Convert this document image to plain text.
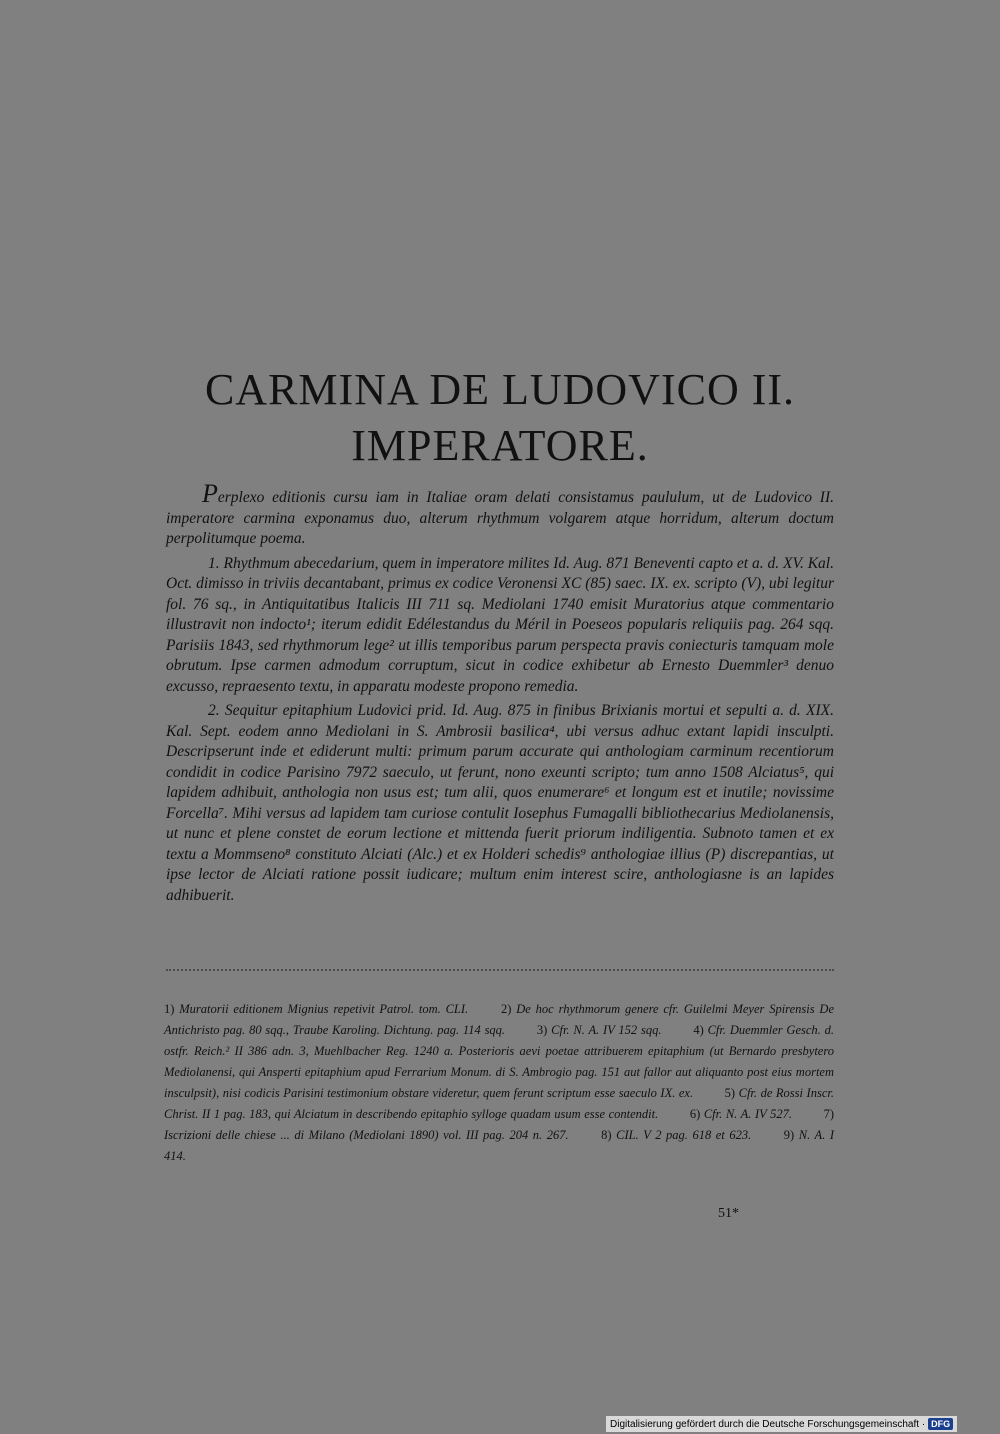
CARMINA DE LUDOVICO II.
IMPERATORE.

Perplexo editionis cursu iam in Italiae oram delati consistamus paululum, ut de Ludovico II. imperatore carmina exponamus duo, alterum rhythmum volgarem atque horridum, alterum doctum perpolitumque poema.

1. Rhythmum abecedarium, quem in imperatore milites Id. Aug. 871 Beneventi capto et a. d. XV. Kal. Oct. dimisso in triviis decantabant, primus ex codice Veronensi XC (85) saec. IX. ex. scripto (V), ubi legitur fol. 76 sq., in Antiquitatibus Italicis III 711 sq. Mediolani 1740 emisit Muratorius atque commentario illustravit non indocto¹; iterum edidit Edélestandus du Méril in Poeseos popularis reliquiis pag. 264 sqq. Parisiis 1843, sed rhythmorum lege² ut illis temporibus parum perspecta pravis coniecturis tamquam mole obrutum. Ipse carmen admodum corruptum, sicut in codice exhibetur ab Ernesto Duemmler³ denuo excusso, repraesento textu, in apparatu modeste propono remedia.

2. Sequitur epitaphium Ludovici prid. Id. Aug. 875 in finibus Brixianis mortui et sepulti a. d. XIX. Kal. Sept. eodem anno Mediolani in S. Ambrosii basilica⁴, ubi versus adhuc extant lapidi insculpti. Descripserunt inde et ediderunt multi: primum parum accurate qui anthologiam carminum recentiorum condidit in codice Parisino 7972 saeculo, ut ferunt, nono exeunti scripto; tum anno 1508 Alciatus⁵, qui lapidem adhibuit, anthologia non usus est; tum alii, quos enumerare⁶ et longum est et inutile; novissime Forcella⁷. Mihi versus ad lapidem tam curiose contulit Iosephus Fumagalli bibliothecarius Mediolanensis, ut nunc et plene constet de eorum lectione et mittenda fuerit priorum indiligentia. Subnoto tamen et ex textu a Mommseno⁸ constituto Alciati (Alc.) et ex Holderi schedis⁹ anthologiae illius (P) discrepantias, ut ipse lector de Alciati ratione possit iudicare; multum enim interest scire, anthologiasne is an lapides adhibuerit.

1) Muratorii editionem Mignius repetivit Patrol. tom. CLI.	2) De hoc rhythmorum genere cfr. Guilelmi Meyer Spirensis De Antichristo pag. 80 sqq., Traube Karoling. Dichtung. pag. 114 sqq.	3) Cfr. N. A. IV 152 sqq.	4) Cfr. Duemmler Gesch. d. ostfr. Reich.² II 386 adn. 3, Muehlbacher Reg. 1240 a. Posterioris aevi poetae attribuerem epitaphium (ut Bernardo presbytero Mediolanensi, qui Ansperti epitaphium apud Ferrarium Monum. di S. Ambrogio pag. 151 aut fallor aut aliquanto post eius mortem insculpsit), nisi codicis Parisini testimonium obstare videretur, quem ferunt scriptum esse saeculo IX. ex.	5) Cfr. de Rossi Inscr. Christ. II 1 pag. 183, qui Alciatum in describendo epitaphio sylloge quadam usum esse contendit.	6) Cfr. N. A. IV 527.	7) Iscrizioni delle chiese ... di Milano (Mediolani 1890) vol. III pag. 204 n. 267.	8) CIL. V 2 pag. 618 et 623.	9) N. A. I 414.
51*
Digitalisierung gefördert durch die Deutsche Forschungsgemeinschaft · DFG
